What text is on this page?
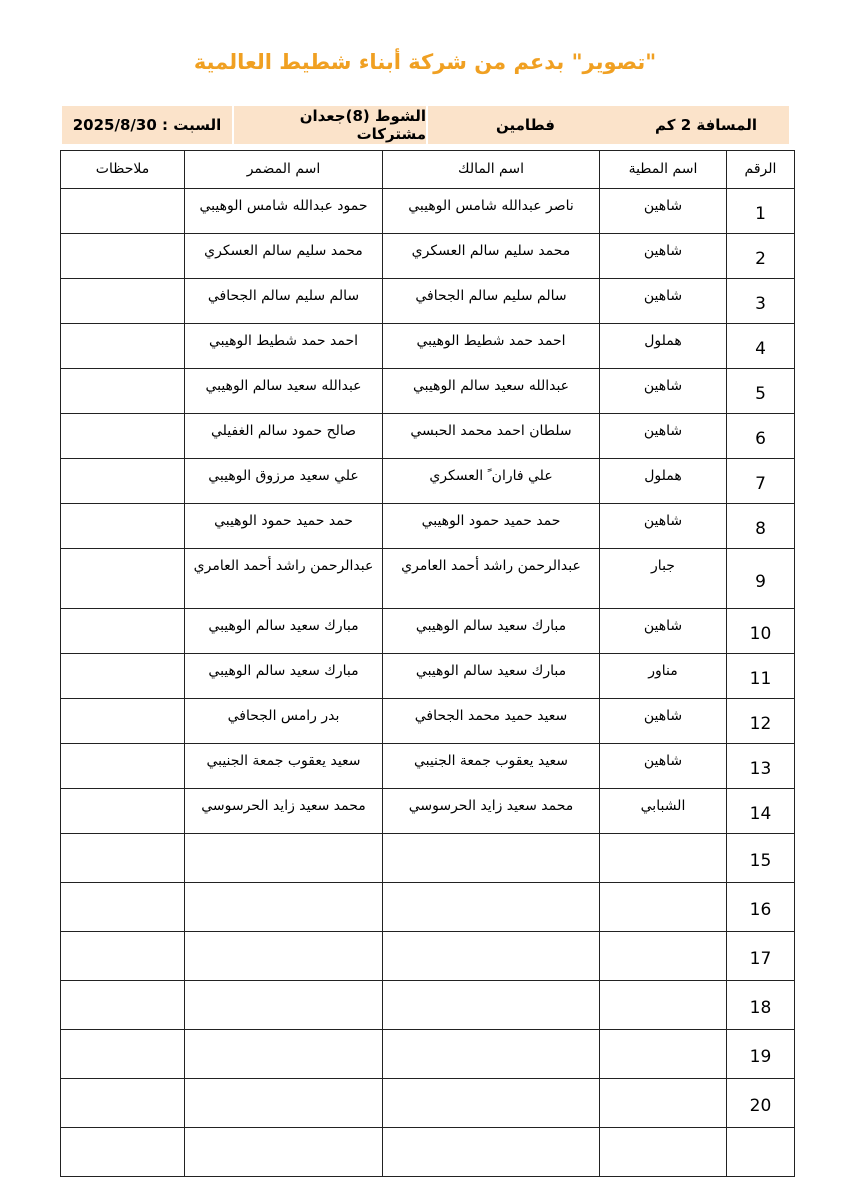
"تصوير" بدعم من شركة أبناء شطيط العالمية
السبت : 2025/8/30	الشوط (8)جعدان مشتركات	فطامين	المسافة 2 كم
الرقم	اسم المطية	اسم المالك	اسم المضمر	ملاحظات
1	شاهين	ناصر عبدالله شامس الوهيبي	حمود عبدالله شامس الوهيبي	
2	شاهين	محمد سليم سالم العسكري	محمد سليم سالم العسكري	
3	شاهين	سالم سليم سالم الجحافي	سالم سليم سالم الجحافي	
4	هملول	احمد حمد شطيط الوهيبي	احمد حمد شطيط الوهيبي	
5	شاهين	عبدالله سعيد سالم الوهيبي	عبدالله سعيد سالم الوهيبي	
6	شاهين	سلطان احمد محمد الحبسي	صالح حمود سالم الغفيلي	
7	هملول	علي فاران ً العسكري	علي سعيد مرزوق الوهيبي	
8	شاهين	حمد حميد حمود الوهيبي	حمد حميد حمود الوهيبي	
9	جبار	عبدالرحمن راشد أحمد العامري	عبدالرحمن راشد أحمد العامري	
10	شاهين	مبارك سعيد سالم الوهيبي	مبارك سعيد سالم الوهيبي	
11	مناور	مبارك سعيد سالم الوهيبي	مبارك سعيد سالم الوهيبي	
12	شاهين	سعيد حميد محمد الجحافي	بدر رامس الجحافي	
13	شاهين	سعيد يعقوب جمعة الجنيبي	سعيد يعقوب جمعة الجنيبي	
14	الشبابي	محمد سعيد زايد الحرسوسي	محمد سعيد زايد الحرسوسي	
15				
16				
17				
18				
19				
20				
